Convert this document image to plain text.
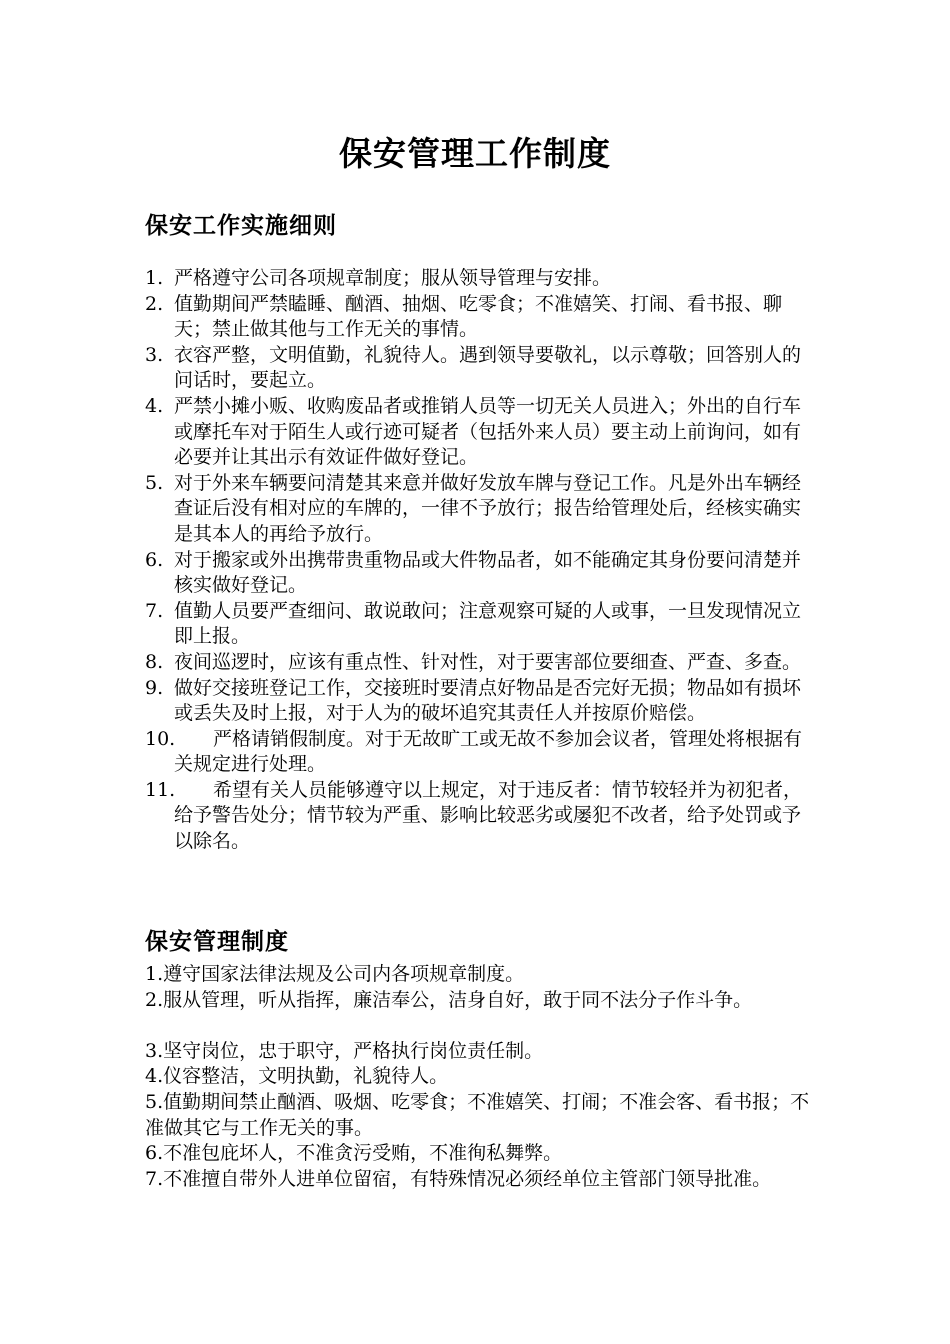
保安管理工作制度
保安工作实施细则
1. 严格遵守公司各项规章制度；服从领导管理与安排。
2. 值勤期间严禁瞌睡、酗酒、抽烟、吃零食；不准嬉笑、打闹、看书报、聊天；禁止做其他与工作无关的事情。
3. 衣容严整，文明值勤，礼貌待人。遇到领导要敬礼，以示尊敬；回答别人的问话时，要起立。
4. 严禁小摊小贩、收购废品者或推销人员等一切无关人员进入；外出的自行车或摩托车对于陌生人或行迹可疑者（包括外来人员）要主动上前询问，如有必要并让其出示有效证件做好登记。
5. 对于外来车辆要问清楚其来意并做好发放车牌与登记工作。凡是外出车辆经查证后没有相对应的车牌的，一律不予放行；报告给管理处后，经核实确实是其本人的再给予放行。
6. 对于搬家或外出携带贵重物品或大件物品者，如不能确定其身份要问清楚并核实做好登记。
7. 值勤人员要严查细问、敢说敢问；注意观察可疑的人或事，一旦发现情况立即上报。
8. 夜间巡逻时，应该有重点性、针对性，对于要害部位要细查、严查、多查。
9. 做好交接班登记工作，交接班时要清点好物品是否完好无损；物品如有损坏或丢失及时上报，对于人为的破坏追究其责任人并按原价赔偿。
10.	严格请销假制度。对于无故旷工或无故不参加会议者，管理处将根据有关规定进行处理。
11.	希望有关人员能够遵守以上规定，对于违反者：情节较轻并为初犯者，给予警告处分；情节较为严重、影响比较恶劣或屡犯不改者，给予处罚或予以除名。
保安管理制度
1.遵守国家法律法规及公司内各项规章制度。
2.服从管理，听从指挥，廉洁奉公，洁身自好，敢于同不法分子作斗争。
3.坚守岗位，忠于职守，严格执行岗位责任制。
4.仪容整洁，文明执勤，礼貌待人。
5.值勤期间禁止酗酒、吸烟、吃零食；不准嬉笑、打闹；不准会客、看书报；不准做其它与工作无关的事。
6.不准包庇坏人，不准贪污受贿，不准徇私舞弊。
7.不准擅自带外人进单位留宿，有特殊情况必须经单位主管部门领导批准。
